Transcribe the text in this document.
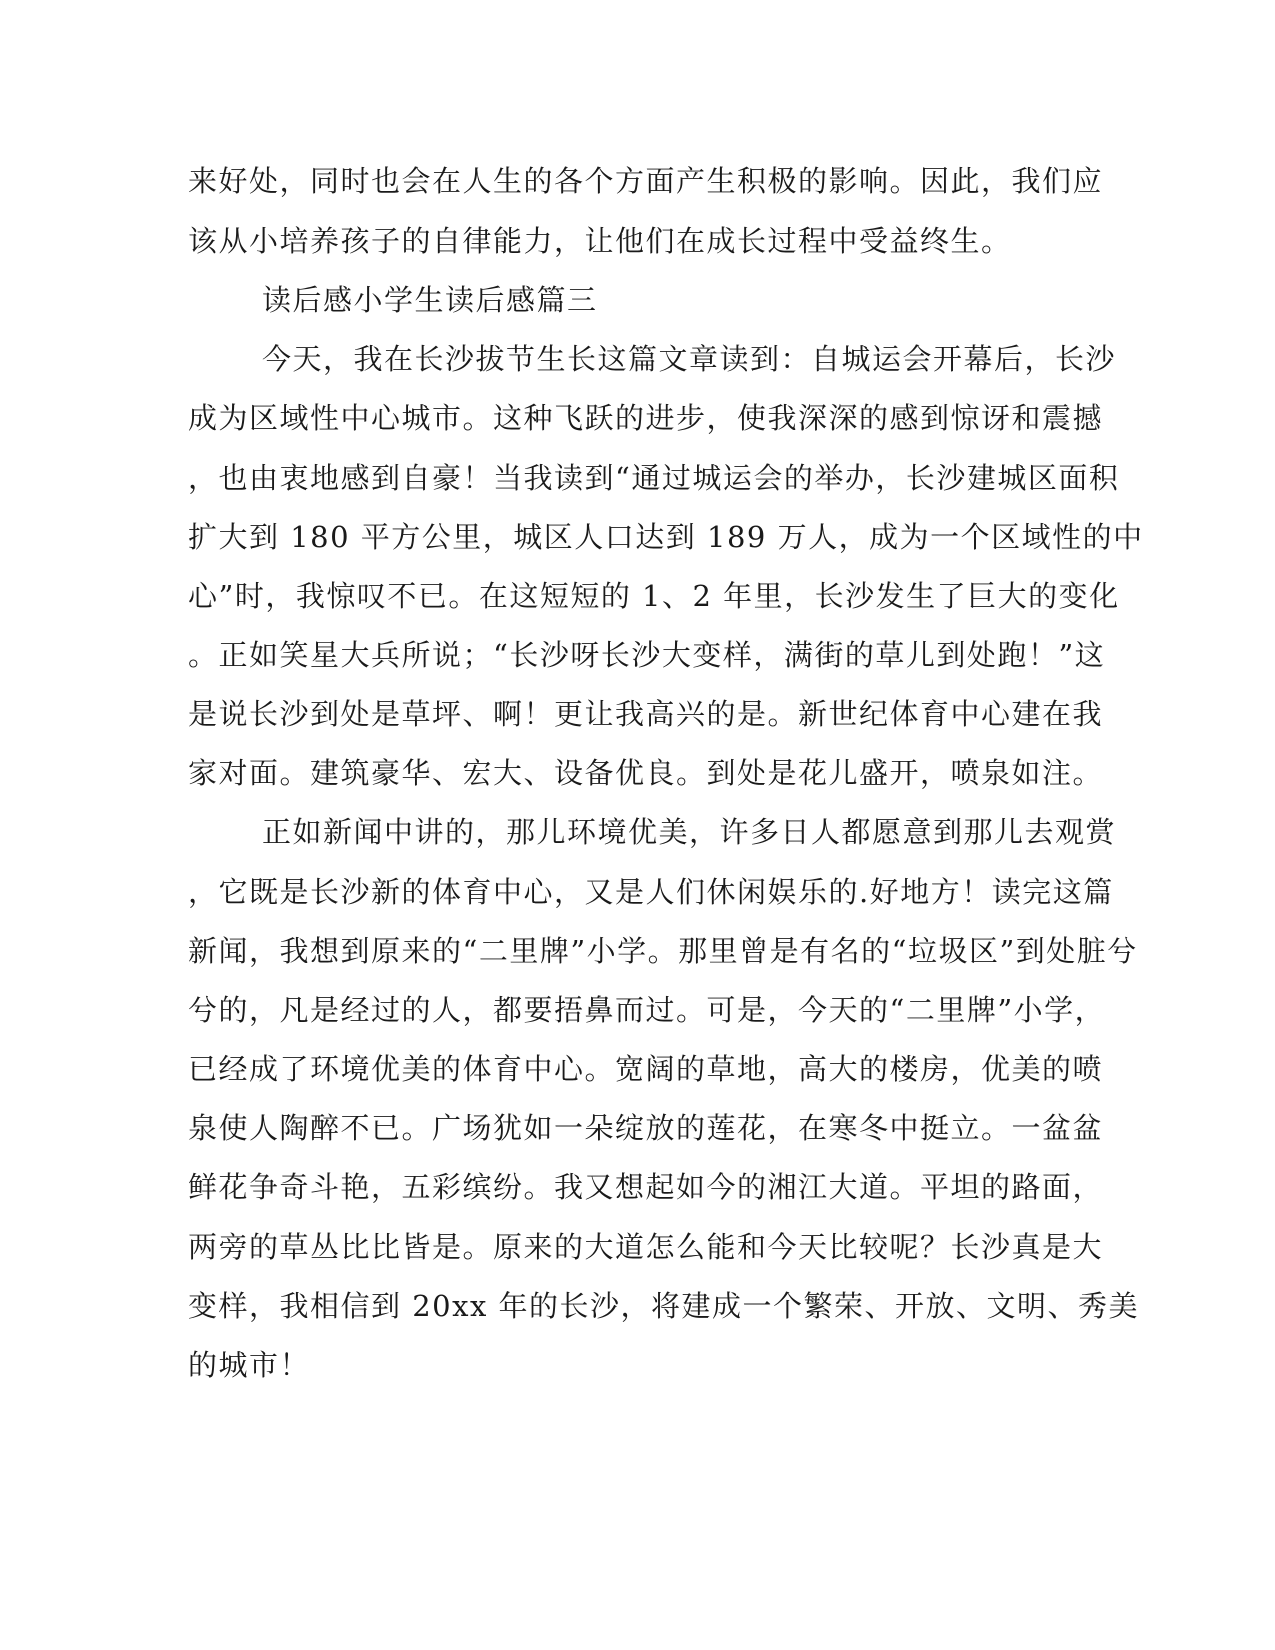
来好处，同时也会在人生的各个方面产生积极的影响。因此，我们应

该从小培养孩子的自律能力，让他们在成长过程中受益终生。

读后感小学生读后感篇三

今天，我在长沙拔节生长这篇文章读到：自城运会开幕后，长沙

成为区域性中心城市。这种飞跃的进步，使我深深的感到惊讶和震撼

，也由衷地感到自豪！当我读到“通过城运会的举办，长沙建城区面积

扩大到 180 平方公里，城区人口达到 189 万人，成为一个区域性的中

心”时，我惊叹不已。在这短短的 1、2 年里，长沙发生了巨大的变化

。正如笑星大兵所说；“长沙呀长沙大变样，满街的草儿到处跑！”这

是说长沙到处是草坪、啊！更让我高兴的是。新世纪体育中心建在我

家对面。建筑豪华、宏大、设备优良。到处是花儿盛开，喷泉如注。

正如新闻中讲的，那儿环境优美，许多日人都愿意到那儿去观赏

，它既是长沙新的体育中心，又是人们休闲娱乐的.好地方！读完这篇

新闻，我想到原来的“二里牌”小学。那里曾是有名的“垃圾区”到处脏兮

兮的，凡是经过的人，都要捂鼻而过。可是，今天的“二里牌”小学，

已经成了环境优美的体育中心。宽阔的草地，高大的楼房，优美的喷

泉使人陶醉不已。广场犹如一朵绽放的莲花，在寒冬中挺立。一盆盆

鲜花争奇斗艳，五彩缤纷。我又想起如今的湘江大道。平坦的路面，

两旁的草丛比比皆是。原来的大道怎么能和今天比较呢？长沙真是大

变样，我相信到 20xx 年的长沙，将建成一个繁荣、开放、文明、秀美

的城市！
